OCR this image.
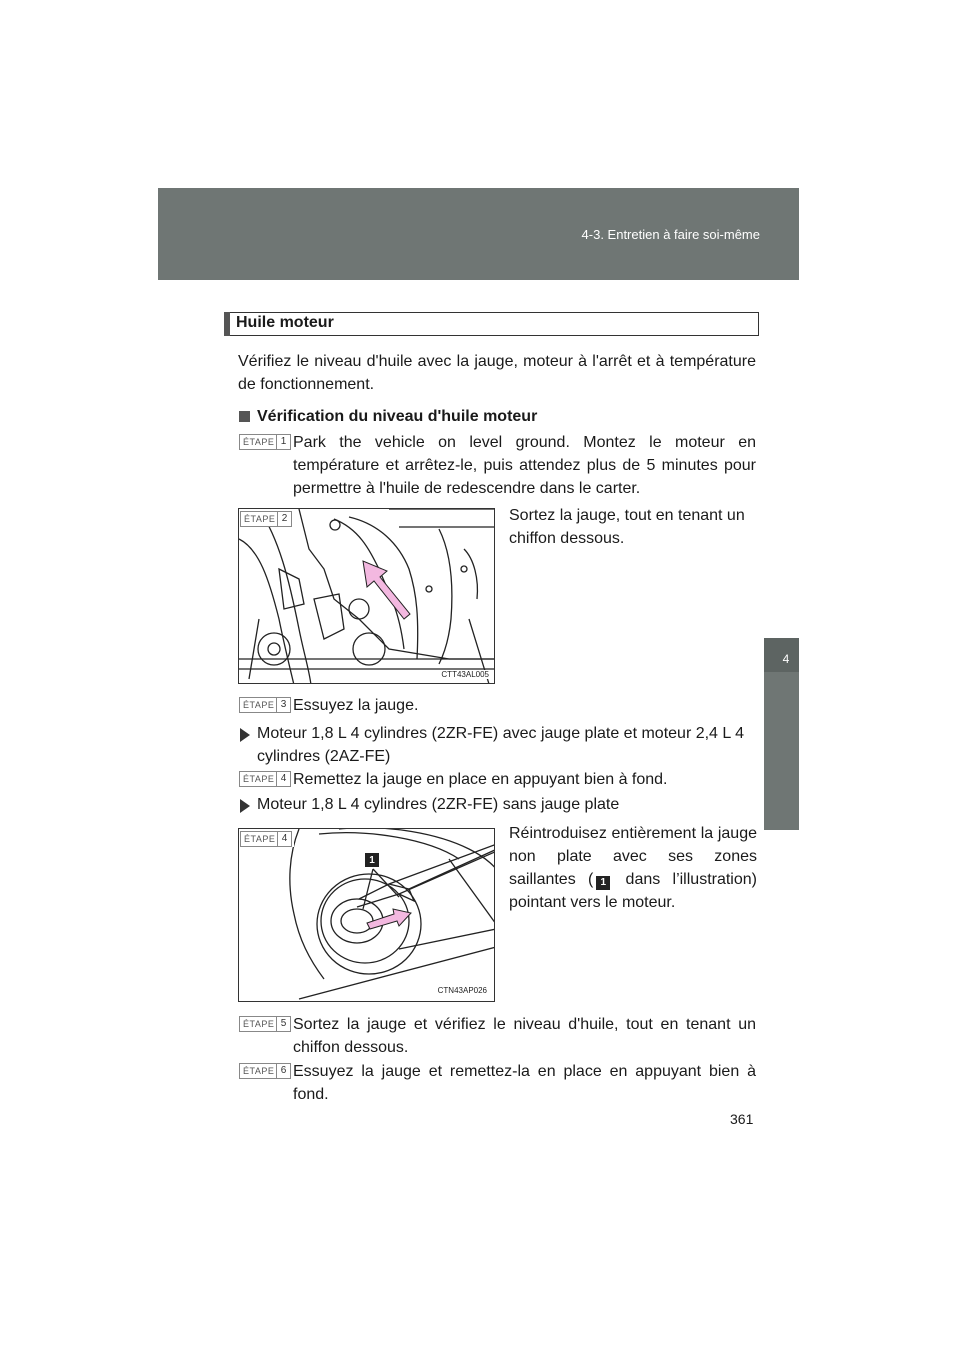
4-3. Entretien à faire soi-même
4
Entretien et soin
Huile moteur
Vérifiez le niveau d'huile avec la jauge, moteur à l'arrêt et à température de fonctionnement.
Vérification du niveau d'huile moteur
ÉTAPE 1 Park the vehicle on level ground. Montez le moteur en température et arrêtez-le, puis attendez plus de 5 minutes pour permettre à l'huile de redescendre dans le carter.
ÉTAPE 2
CTT43AL005
Sortez la jauge, tout en tenant un chiffon dessous.
ÉTAPE 3 Essuyez la jauge.
Moteur 1,8 L 4 cylindres (2ZR-FE) avec jauge plate et moteur 2,4 L 4 cylindres (2AZ-FE)
ÉTAPE 4 Remettez la jauge en place en appuyant bien à fond.
Moteur 1,8 L 4 cylindres (2ZR-FE) sans jauge plate
ÉTAPE 4
1
CTN43AP026
Réintroduisez entièrement la jauge non plate avec ses zones saillantes ( 1 dans l’illustration) pointant vers le moteur.
ÉTAPE 5 Sortez la jauge et vérifiez le niveau d'huile, tout en tenant un chiffon dessous.
ÉTAPE 6 Essuyez la jauge et remettez-la en place en appuyant bien à fond.
361
